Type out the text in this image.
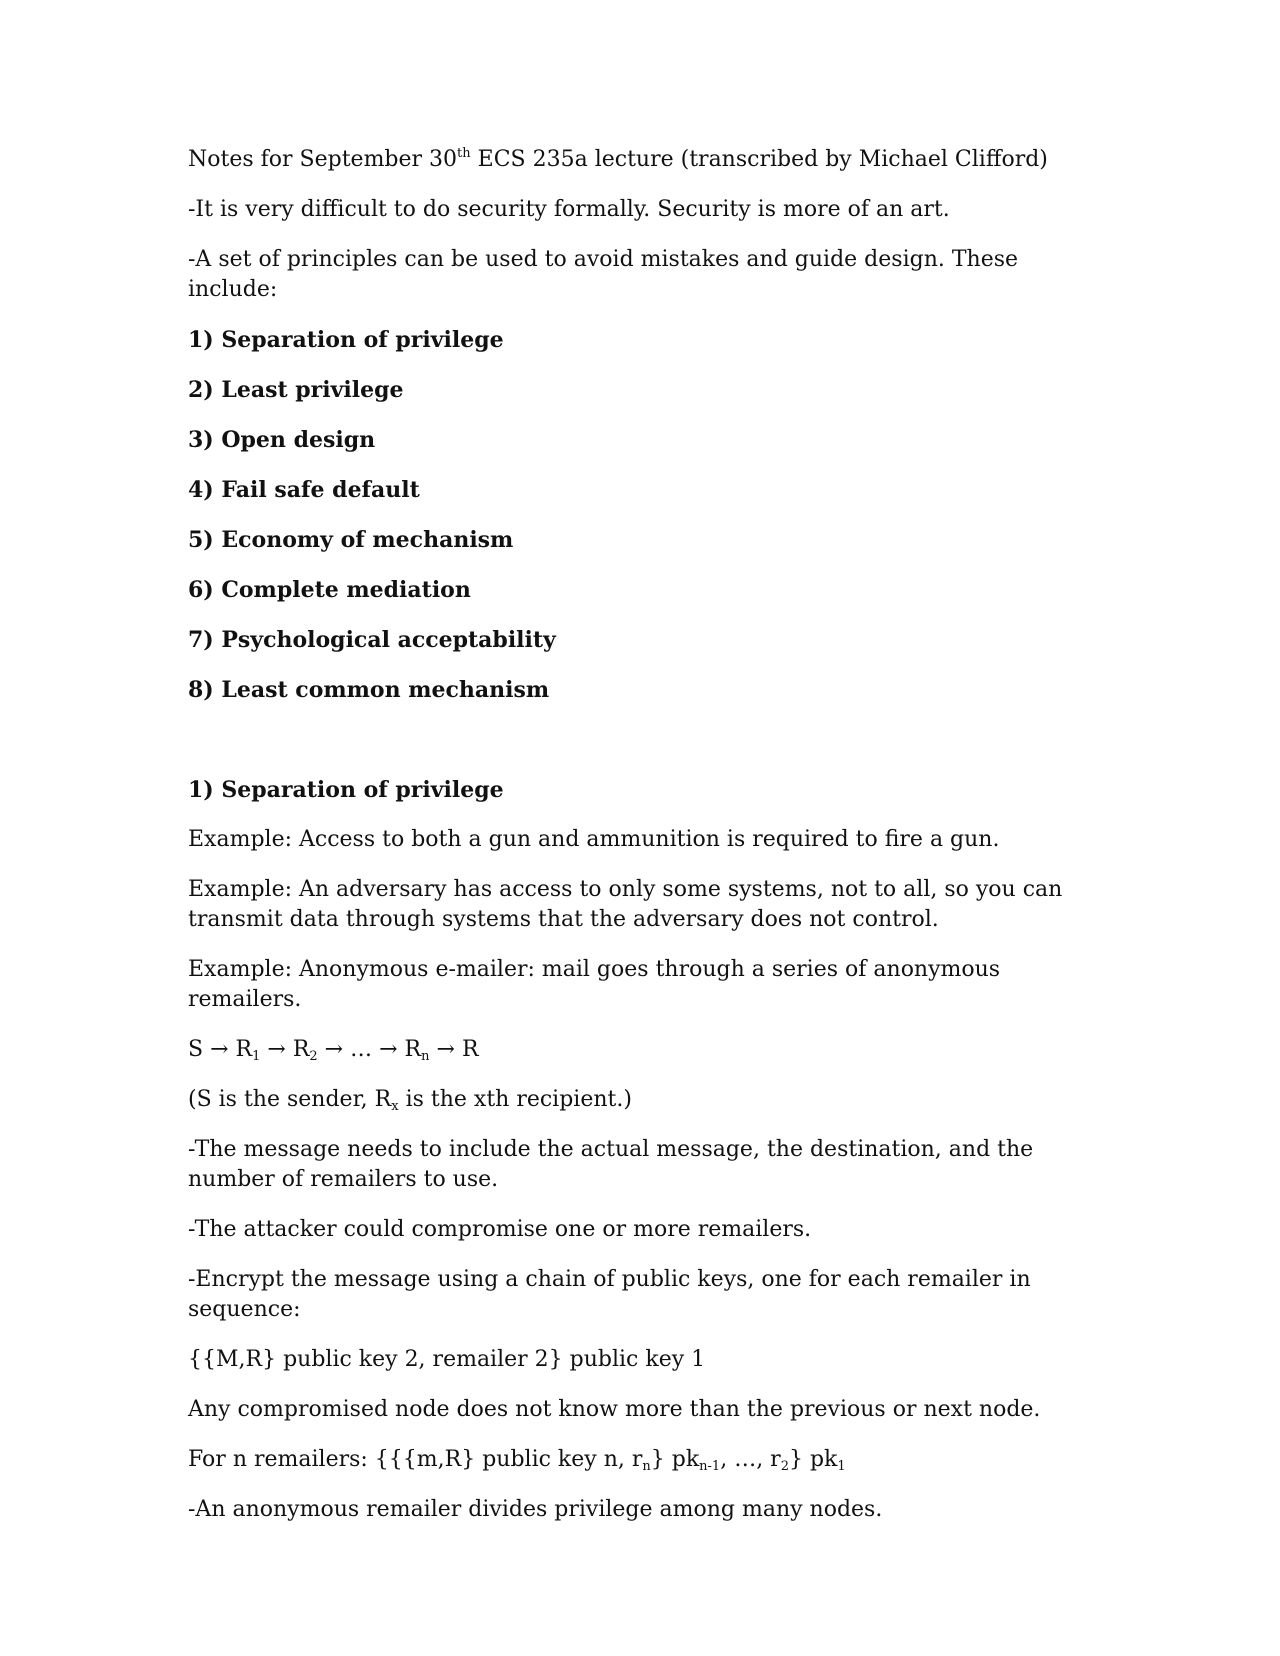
Notes for September 30th ECS 235a lecture (transcribed by Michael Clifford)

-It is very difficult to do security formally. Security is more of an art.

-A set of principles can be used to avoid mistakes and guide design. These include:

1) Separation of privilege

2) Least privilege

3) Open design

4) Fail safe default

5) Economy of mechanism

6) Complete mediation

7) Psychological acceptability

8) Least common mechanism

1) Separation of privilege

Example: Access to both a gun and ammunition is required to fire a gun.

Example: An adversary has access to only some systems, not to all, so you can transmit data through systems that the adversary does not control.

Example: Anonymous e-mailer: mail goes through a series of anonymous remailers.

$S \to R_1 \to R_2$ → … → $R_n \to R$

(S is the sender, $R_x$ is the xth recipient.)

-The message needs to include the actual message, the destination, and the number of remailers to use.

-The attacker could compromise one or more remailers.

-Encrypt the message using a chain of public keys, one for each remailer in sequence:

{{M,R} public key 2, remailer 2} public key 1

Any compromised node does not know more than the previous or next node.

For n remailers: {{{m,R} public key n, $r_n$} $pk_{n-1}$, …, $r_2$} $pk_1$

-An anonymous remailer divides privilege among many nodes.
